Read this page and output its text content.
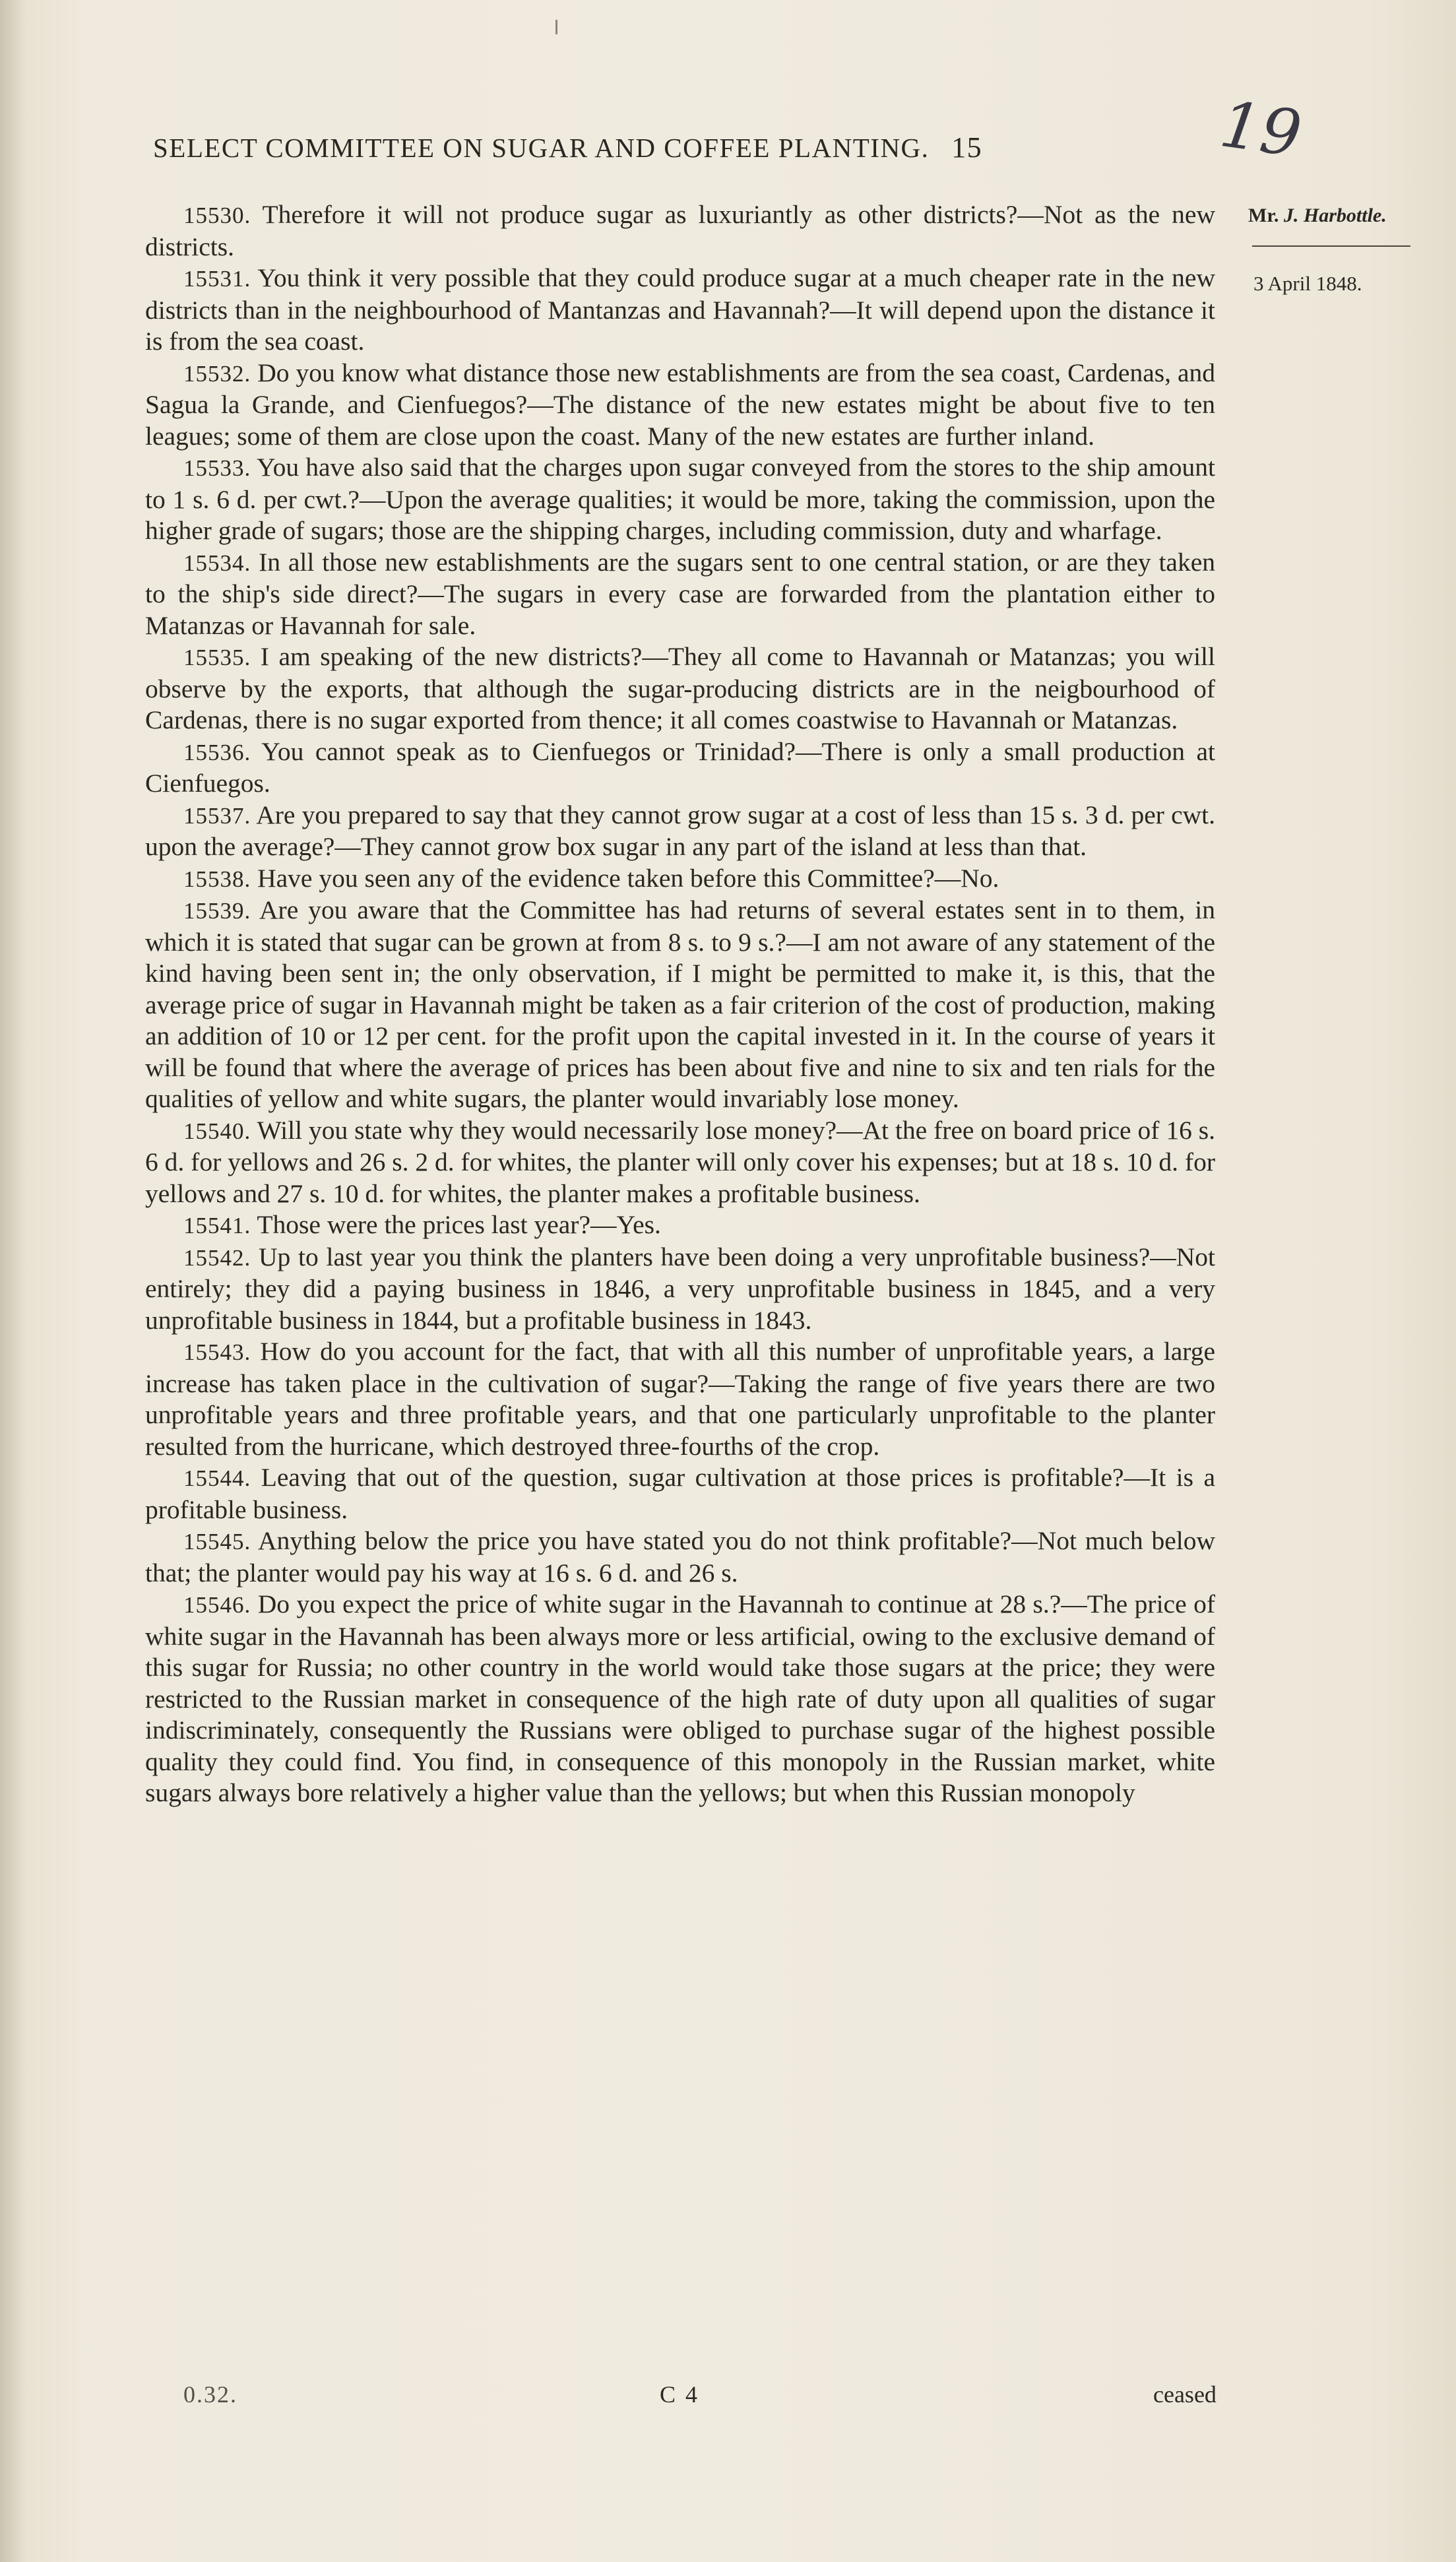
SELECT COMMITTEE ON SUGAR AND COFFEE PLANTING. 15	19
Mr. J. Harbottle.
3 April 1848.

15530. Therefore it will not produce sugar as luxuriantly as other districts?—Not as the new districts.

15531. You think it very possible that they could produce sugar at a much cheaper rate in the new districts than in the neighbourhood of Mantanzas and Havannah?—It will depend upon the distance it is from the sea coast.

15532. Do you know what distance those new establishments are from the sea coast, Cardenas, and Sagua la Grande, and Cienfuegos?—The distance of the new estates might be about five to ten leagues; some of them are close upon the coast. Many of the new estates are further inland.

15533. You have also said that the charges upon sugar conveyed from the stores to the ship amount to 1 s. 6 d. per cwt.?—Upon the average qualities; it would be more, taking the commission, upon the higher grade of sugars; those are the shipping charges, including commission, duty and wharfage.

15534. In all those new establishments are the sugars sent to one central station, or are they taken to the ship's side direct?—The sugars in every case are forwarded from the plantation either to Matanzas or Havannah for sale.

15535. I am speaking of the new districts?—They all come to Havannah or Matanzas; you will observe by the exports, that although the sugar-producing districts are in the neigbourhood of Cardenas, there is no sugar exported from thence; it all comes coastwise to Havannah or Matanzas.

15536. You cannot speak as to Cienfuegos or Trinidad?—There is only a small production at Cienfuegos.

15537. Are you prepared to say that they cannot grow sugar at a cost of less than 15 s. 3 d. per cwt. upon the average?—They cannot grow box sugar in any part of the island at less than that.

15538. Have you seen any of the evidence taken before this Committee?—No.

15539. Are you aware that the Committee has had returns of several estates sent in to them, in which it is stated that sugar can be grown at from 8 s. to 9 s.?—I am not aware of any statement of the kind having been sent in; the only observation, if I might be permitted to make it, is this, that the average price of sugar in Havannah might be taken as a fair criterion of the cost of production, making an addition of 10 or 12 per cent. for the profit upon the capital invested in it. In the course of years it will be found that where the average of prices has been about five and nine to six and ten rials for the qualities of yellow and white sugars, the planter would invariably lose money.

15540. Will you state why they would necessarily lose money?—At the free on board price of 16 s. 6 d. for yellows and 26 s. 2 d. for whites, the planter will only cover his expenses; but at 18 s. 10 d. for yellows and 27 s. 10 d. for whites, the planter makes a profitable business.

15541. Those were the prices last year?—Yes.

15542. Up to last year you think the planters have been doing a very unprofitable business?—Not entirely; they did a paying business in 1846, a very unprofitable business in 1845, and a very unprofitable business in 1844, but a profitable business in 1843.

15543. How do you account for the fact, that with all this number of unprofitable years, a large increase has taken place in the cultivation of sugar?—Taking the range of five years there are two unprofitable years and three profitable years, and that one particularly unprofitable to the planter resulted from the hurricane, which destroyed three-fourths of the crop.

15544. Leaving that out of the question, sugar cultivation at those prices is profitable?—It is a profitable business.

15545. Anything below the price you have stated you do not think profitable?—Not much below that; the planter would pay his way at 16 s. 6 d. and 26 s.

15546. Do you expect the price of white sugar in the Havannah to continue at 28 s.?—The price of white sugar in the Havannah has been always more or less artificial, owing to the exclusive demand of this sugar for Russia; no other country in the world would take those sugars at the price; they were restricted to the Russian market in consequence of the high rate of duty upon all qualities of sugar indiscriminately, consequently the Russians were obliged to purchase sugar of the highest possible quality they could find. You find, in consequence of this monopoly in the Russian market, white sugars always bore relatively a higher value than the yellows; but when this Russian monopoly

0.32.	C 4	ceased
